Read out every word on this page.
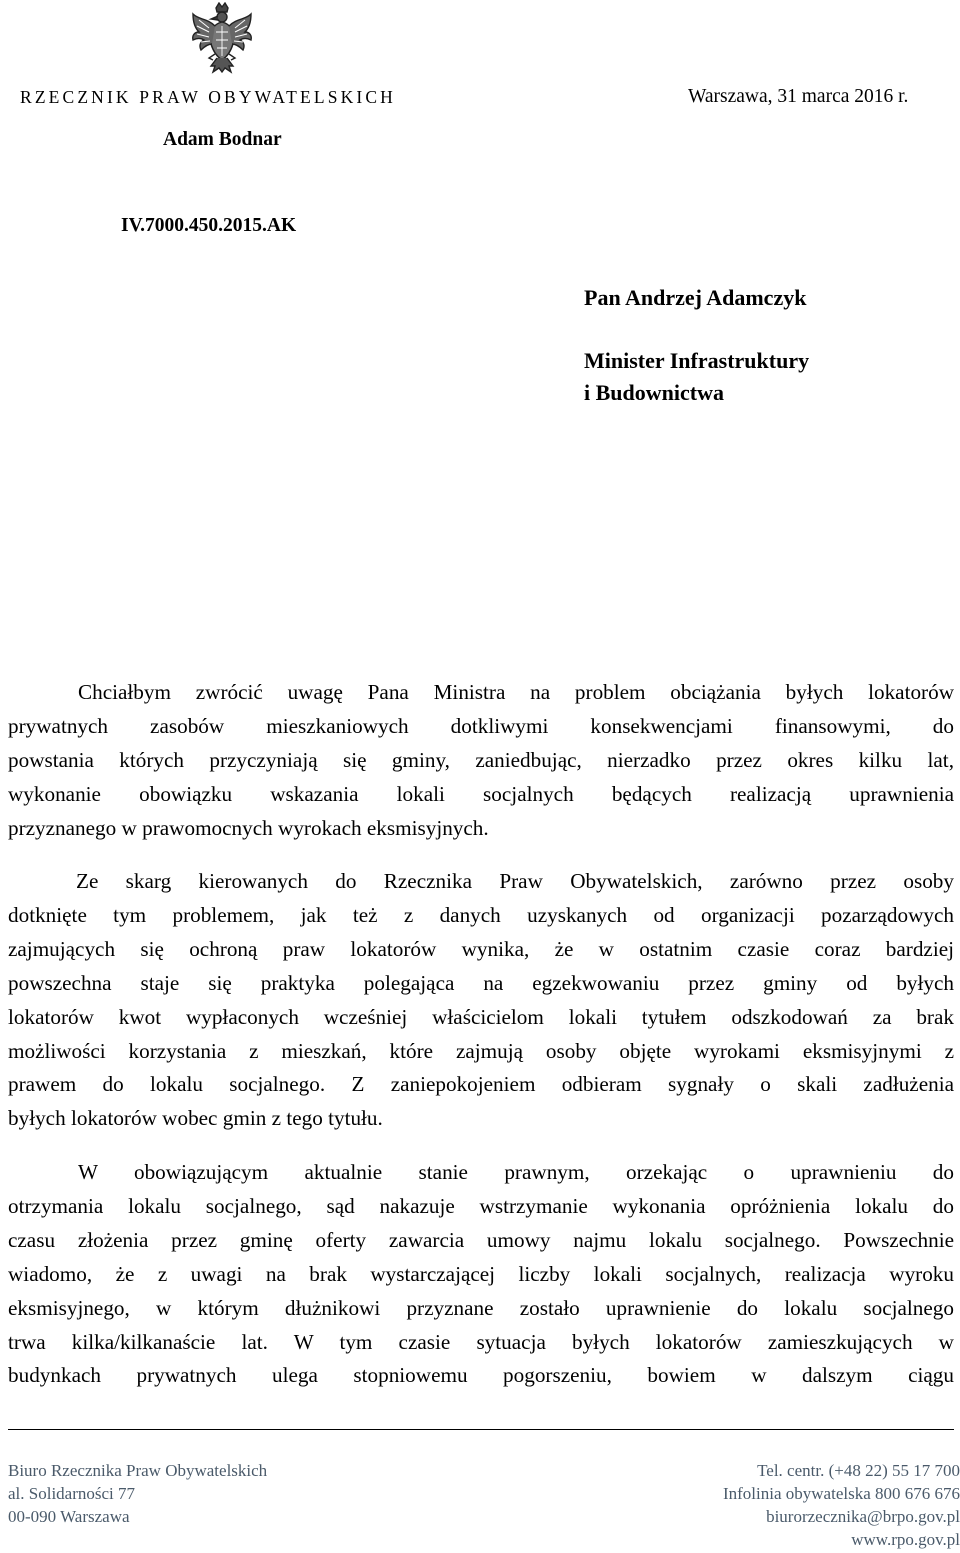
RZECZNIK PRAW OBYWATELSKICH	Warszawa, 31 marca 2016 r.
Adam Bodnar
IV.7000.450.2015.AK
Pan Andrzej Adamczyk
Minister Infrastruktury
i Budownictwa
Chciałbym zwrócić uwagę Pana Ministra na problem obciążania byłych lokatorów
prywatnych zasobów mieszkaniowych dotkliwymi konsekwencjami finansowymi, do
powstania których przyczyniają się gminy, zaniedbując, nierzadko przez okres kilku lat,
wykonanie obowiązku wskazania lokali socjalnych będących realizacją uprawnienia
przyznanego w prawomocnych wyrokach eksmisyjnych.
Ze skarg kierowanych do Rzecznika Praw Obywatelskich, zarówno przez osoby
dotknięte tym problemem, jak też z danych uzyskanych od organizacji pozarządowych
zajmujących się ochroną praw lokatorów wynika, że w ostatnim czasie coraz bardziej
powszechna staje się praktyka polegająca na egzekwowaniu przez gminy od byłych
lokatorów kwot wypłaconych wcześniej właścicielom lokali tytułem odszkodowań za brak
możliwości korzystania z mieszkań, które zajmują osoby objęte wyrokami eksmisyjnymi z
prawem do lokalu socjalnego. Z zaniepokojeniem odbieram sygnały o skali zadłużenia
byłych lokatorów wobec gmin z tego tytułu.
W obowiązującym aktualnie stanie prawnym, orzekając o uprawnieniu do
otrzymania lokalu socjalnego, sąd nakazuje wstrzymanie wykonania opróżnienia lokalu do
czasu złożenia przez gminę oferty zawarcia umowy najmu lokalu socjalnego. Powszechnie
wiadomo, że z uwagi na brak wystarczającej liczby lokali socjalnych, realizacja wyroku
eksmisyjnego, w którym dłużnikowi przyznane zostało uprawnienie do lokalu socjalnego
trwa kilka/kilkanaście lat. W tym czasie sytuacja byłych lokatorów zamieszkujących w
budynkach prywatnych ulega stopniowemu pogorszeniu, bowiem w dalszym ciągu
Biuro Rzecznika Praw Obywatelskich
al. Solidarności 77
00-090 Warszawa
Tel. centr. (+48 22) 55 17 700
Infolinia obywatelska 800 676 676
biurorzecznika@brpo.gov.pl
www.rpo.gov.pl
